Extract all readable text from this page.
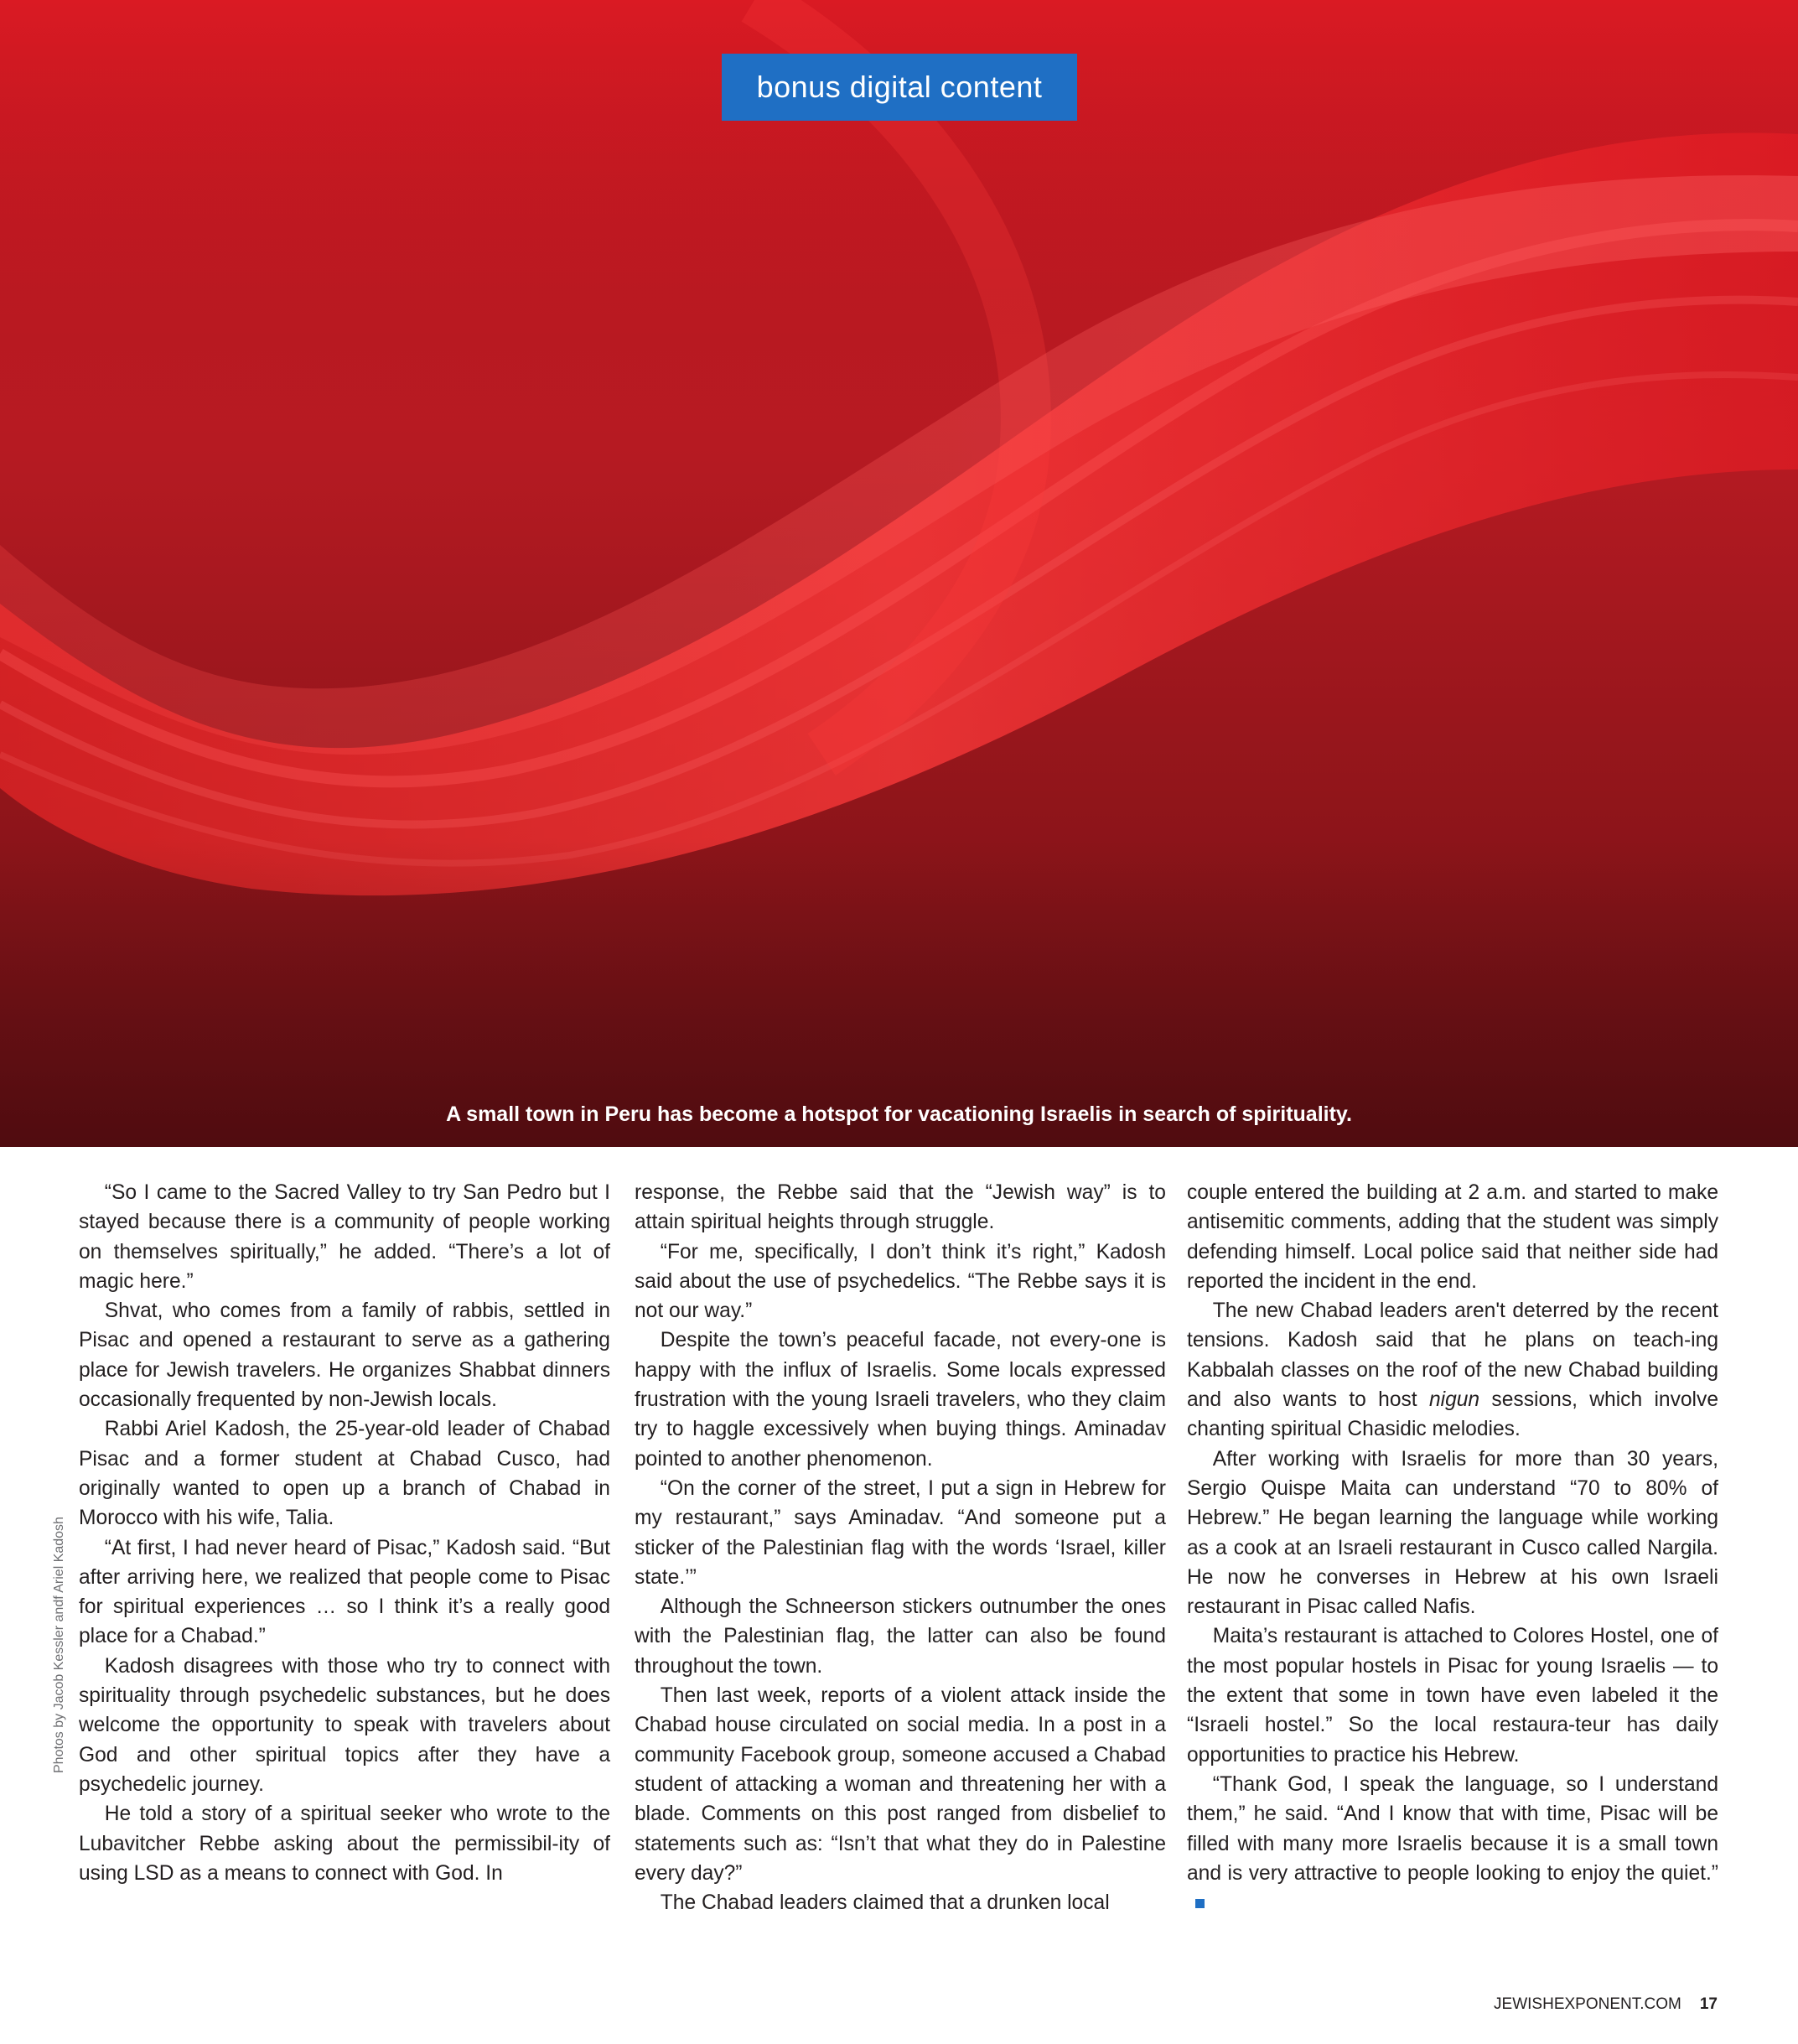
bonus digital content
A small town in Peru has become a hotspot for vacationing Israelis in search of spirituality.
Photos by Jacob Kessler andf Ariel Kadosh

“So I came to the Sacred Valley to try San Pedro but I stayed because there is a community of people working on themselves spiritually,” he added. “There’s a lot of magic here.”

Shvat, who comes from a family of rabbis, settled in Pisac and opened a restaurant to serve as a gathering place for Jewish travelers. He organizes Shabbat dinners occasionally frequented by non-Jewish locals.

Rabbi Ariel Kadosh, the 25-year-old leader of Chabad Pisac and a former student at Chabad Cusco, had originally wanted to open up a branch of Chabad in Morocco with his wife, Talia.

“At first, I had never heard of Pisac,” Kadosh said. “But after arriving here, we realized that people come to Pisac for spiritual experiences … so I think it’s a really good place for a Chabad.”

Kadosh disagrees with those who try to connect with spirituality through psychedelic substances, but he does welcome the opportunity to speak with travelers about God and other spiritual topics after they have a psychedelic journey.

He told a story of a spiritual seeker who wrote to the Lubavitcher Rebbe asking about the permissibil-ity of using LSD as a means to connect with God. In

response, the Rebbe said that the “Jewish way” is to attain spiritual heights through struggle.

“For me, specifically, I don’t think it’s right,” Kadosh said about the use of psychedelics. “The Rebbe says it is not our way.”

Despite the town’s peaceful facade, not every-one is happy with the influx of Israelis. Some locals expressed frustration with the young Israeli travelers, who they claim try to haggle excessively when buying things. Aminadav pointed to another phenomenon.

“On the corner of the street, I put a sign in Hebrew for my restaurant,” says Aminadav. “And someone put a sticker of the Palestinian flag with the words ‘Israel, killer state.’”

Although the Schneerson stickers outnumber the ones with the Palestinian flag, the latter can also be found throughout the town.

Then last week, reports of a violent attack inside the Chabad house circulated on social media. In a post in a community Facebook group, someone accused a Chabad student of attacking a woman and threatening her with a blade. Comments on this post ranged from disbelief to statements such as: “Isn’t that what they do in Palestine every day?”

The Chabad leaders claimed that a drunken local

couple entered the building at 2 a.m. and started to make antisemitic comments, adding that the student was simply defending himself. Local police said that neither side had reported the incident in the end.

The new Chabad leaders aren't deterred by the recent tensions. Kadosh said that he plans on teach-ing Kabbalah classes on the roof of the new Chabad building and also wants to host nigun sessions, which involve chanting spiritual Chasidic melodies.

After working with Israelis for more than 30 years, Sergio Quispe Maita can understand “70 to 80% of Hebrew.” He began learning the language while working as a cook at an Israeli restaurant in Cusco called Nargila. He now he converses in Hebrew at his own Israeli restaurant in Pisac called Nafis.

Maita’s restaurant is attached to Colores Hostel, one of the most popular hostels in Pisac for young Israelis — to the extent that some in town have even labeled it the “Israeli hostel.” So the local restaura-teur has daily opportunities to practice his Hebrew.

“Thank God, I speak the language, so I understand them,” he said. “And I know that with time, Pisac will be filled with many more Israelis because it is a small town and is very attractive to people looking to enjoy the quiet.”

JEWISHEXPONENT.COM 17
